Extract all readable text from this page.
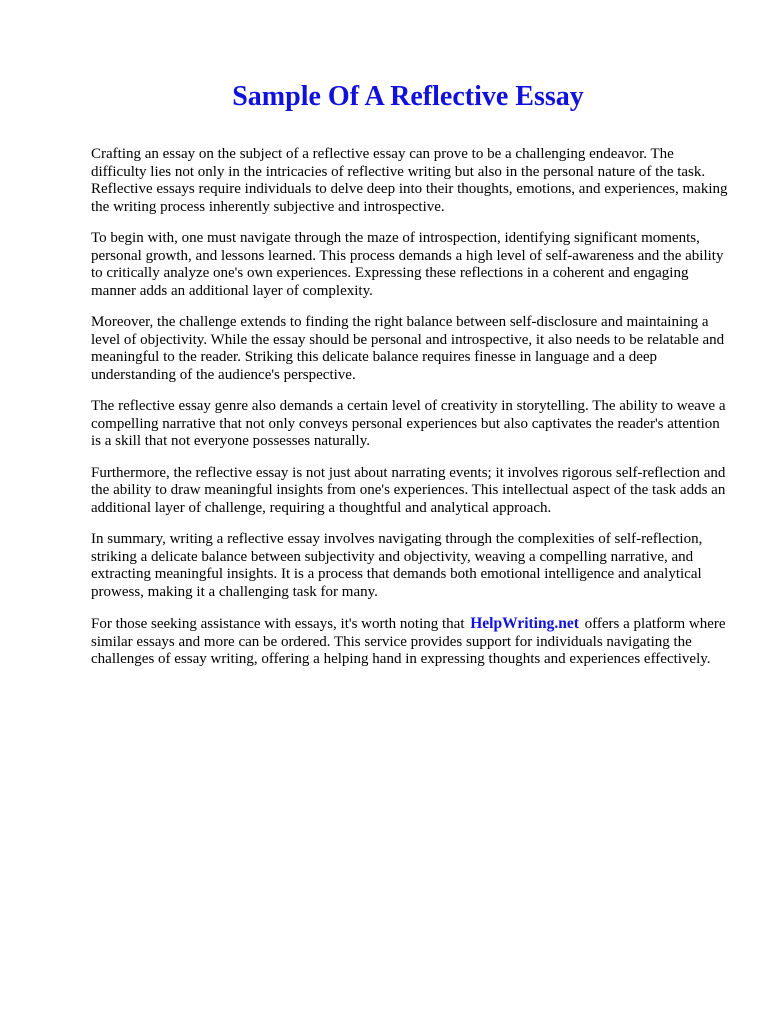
Sample Of A Reflective Essay

Crafting an essay on the subject of a reflective essay can prove to be a challenging endeavor. The difficulty lies not only in the intricacies of reflective writing but also in the personal nature of the task. Reflective essays require individuals to delve deep into their thoughts, emotions, and experiences, making the writing process inherently subjective and introspective.

To begin with, one must navigate through the maze of introspection, identifying significant moments, personal growth, and lessons learned. This process demands a high level of self-awareness and the ability to critically analyze one's own experiences. Expressing these reflections in a coherent and engaging manner adds an additional layer of complexity.

Moreover, the challenge extends to finding the right balance between self-disclosure and maintaining a level of objectivity. While the essay should be personal and introspective, it also needs to be relatable and meaningful to the reader. Striking this delicate balance requires finesse in language and a deep understanding of the audience's perspective.

The reflective essay genre also demands a certain level of creativity in storytelling. The ability to weave a compelling narrative that not only conveys personal experiences but also captivates the reader's attention is a skill that not everyone possesses naturally.

Furthermore, the reflective essay is not just about narrating events; it involves rigorous self-reflection and the ability to draw meaningful insights from one's experiences. This intellectual aspect of the task adds an additional layer of challenge, requiring a thoughtful and analytical approach.

In summary, writing a reflective essay involves navigating through the complexities of self-reflection, striking a delicate balance between subjectivity and objectivity, weaving a compelling narrative, and extracting meaningful insights. It is a process that demands both emotional intelligence and analytical prowess, making it a challenging task for many.

For those seeking assistance with essays, it's worth noting that HelpWriting.net offers a platform where similar essays and more can be ordered. This service provides support for individuals navigating the challenges of essay writing, offering a helping hand in expressing thoughts and experiences effectively.
